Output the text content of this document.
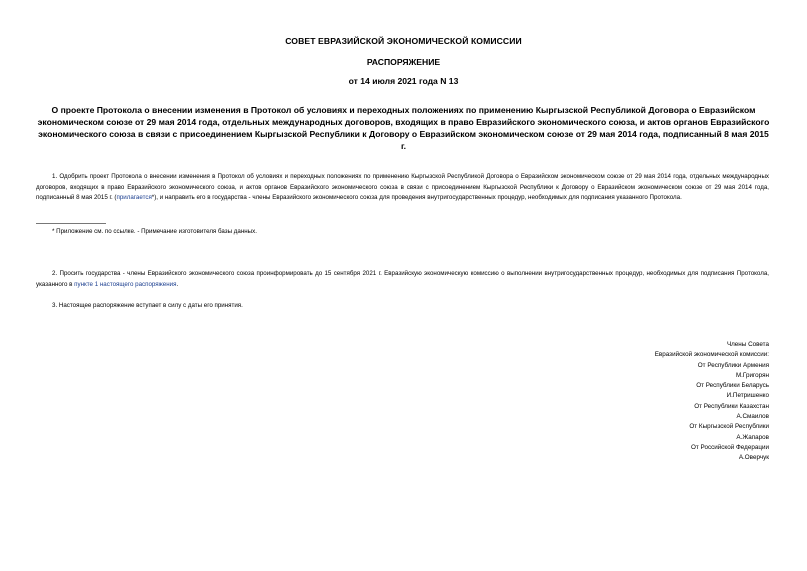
СОВЕТ ЕВРАЗИЙСКОЙ ЭКОНОМИЧЕСКОЙ КОМИССИИ
РАСПОРЯЖЕНИЕ
от 14 июля 2021 года N 13
О проекте Протокола о внесении изменения в Протокол об условиях и переходных положениях по применению Кыргызской Республикой Договора о Евразийском экономическом союзе от 29 мая 2014 года, отдельных международных договоров, входящих в право Евразийского экономического союза, и актов органов Евразийского экономического союза в связи с присоединением Кыргызской Республики к Договору о Евразийском экономическом союзе от 29 мая 2014 года, подписанный 8 мая 2015 г.
1. Одобрить проект Протокола о внесении изменения в Протокол об условиях и переходных положениях по применению Кыргызской Республикой Договора о Евразийском экономическом союзе от 29 мая 2014 года, отдельных международных договоров, входящих в право Евразийского экономического союза, и актов органов Евразийского экономического союза в связи с присоединением Кыргызской Республики к Договору о Евразийском экономическом союзе от 29 мая 2014 года, подписанный 8 мая 2015 г. (прилагается*), и направить его в государства - члены Евразийского экономического союза для проведения внутригосударственных процедур, необходимых для подписания указанного Протокола.
* Приложение см. по ссылке. - Примечание изготовителя базы данных.
2. Просить государства - члены Евразийского экономического союза проинформировать до 15 сентября 2021 г. Евразийскую экономическую комиссию о выполнении внутригосударственных процедур, необходимых для подписания Протокола, указанного в пункте 1 настоящего распоряжения.
3. Настоящее распоряжение вступает в силу с даты его принятия.
Члены Совета
Евразийской экономической комиссии:
От Республики Армения
М.Григорян
От Республики Беларусь
И.Петришенко
От Республики Казахстан
А.Смаилов
От Кыргызской Республики
А.Жапаров
От Российской Федерации
А.Оверчук
